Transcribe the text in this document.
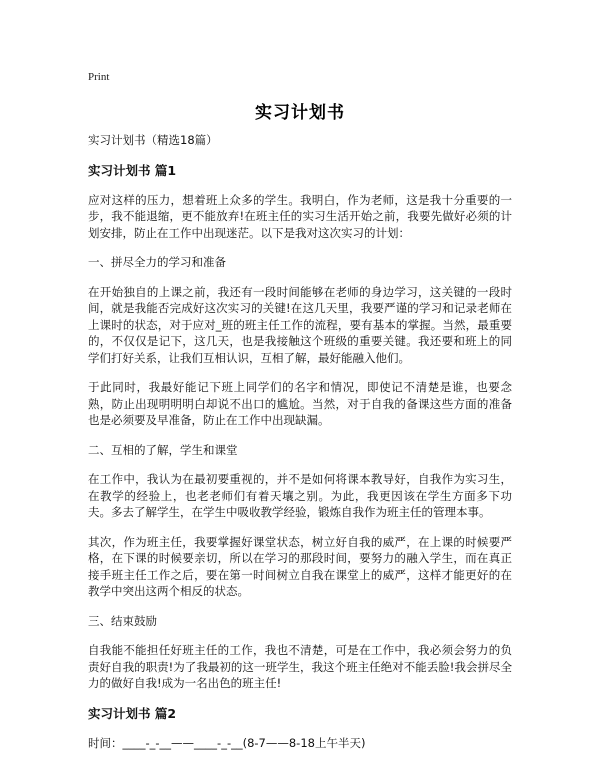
Print
实习计划书

实习计划书（精选18篇）

实习计划书 篇1

应对这样的压力，想着班上众多的学生。我明白，作为老师，这是我十分重要的一步，我不能退缩，更不能放弃!在班主任的实习生活开始之前，我要先做好必须的计划安排，防止在工作中出现迷茫。以下是我对这次实习的计划：

一、拼尽全力的学习和准备

在开始独自的上课之前，我还有一段时间能够在老师的身边学习，这关键的一段时间，就是我能否完成好这次实习的关键!在这几天里，我要严谨的学习和记录老师在上课时的状态，对于应对_班的班主任工作的流程，要有基本的掌握。当然，最重要的，不仅仅是记下，这几天，也是我接触这个班级的重要关键。我还要和班上的同学们打好关系，让我们互相认识，互相了解，最好能融入他们。

于此同时，我最好能记下班上同学们的名字和情况，即使记不清楚是谁，也要念熟，防止出现明明明白却说不出口的尴尬。当然，对于自我的备课这些方面的准备也是必须要及早准备，防止在工作中出现缺漏。

二、互相的了解，学生和课堂

在工作中，我认为在最初要重视的，并不是如何将课本教导好，自我作为实习生，在教学的经验上，也老老师们有着天壤之别。为此，我更因该在学生方面多下功夫。多去了解学生，在学生中吸收教学经验，锻炼自我作为班主任的管理本事。

其次，作为班主任，我要掌握好课堂状态，树立好自我的威严，在上课的时候要严格，在下课的时候要亲切，所以在学习的那段时间，要努力的融入学生，而在真正接手班主任工作之后，要在第一时间树立自我在课堂上的威严，这样才能更好的在教学中突出这两个相反的状态。

三、结束鼓励

自我能不能担任好班主任的工作，我也不清楚，可是在工作中，我必须会努力的负责好自我的职责!为了我最初的这一班学生，我这个班主任绝对不能丢脸!我会拼尽全力的做好自我!成为一名出色的班主任!

实习计划书 篇2

时间：____-_-__——____-_-__(8-7——8-18上午半天)
